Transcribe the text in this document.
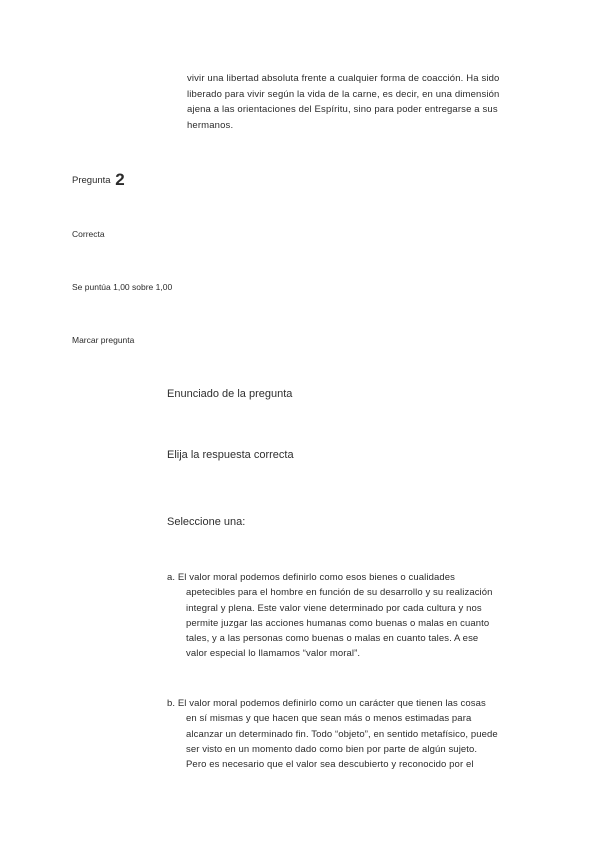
vivir una libertad absoluta frente a cualquier forma de coacción. Ha sido
liberado para vivir según la vida de la carne, es decir, en una dimensión
ajena a las orientaciones del Espíritu, sino para poder entregarse a sus
hermanos.
Pregunta 2
Correcta
Se puntúa 1,00 sobre 1,00
Marcar pregunta
Enunciado de la pregunta
Elija la respuesta correcta
Seleccione una:
a. El valor moral podemos definirlo como esos bienes o cualidades
apetecibles para el hombre en función de su desarrollo y su realización
integral y plena. Este valor viene determinado por cada cultura y nos
permite juzgar las acciones humanas como buenas o malas en cuanto
tales, y a las personas como buenas o malas en cuanto tales. A ese
valor especial lo llamamos “valor moral”.
b. El valor moral podemos definirlo como un carácter que tienen las cosas
en sí mismas y que hacen que sean más o menos estimadas para
alcanzar un determinado fin. Todo “objeto”, en sentido metafísico, puede
ser visto en un momento dado como bien por parte de algún sujeto.
Pero es necesario que el valor sea descubierto y reconocido por el
